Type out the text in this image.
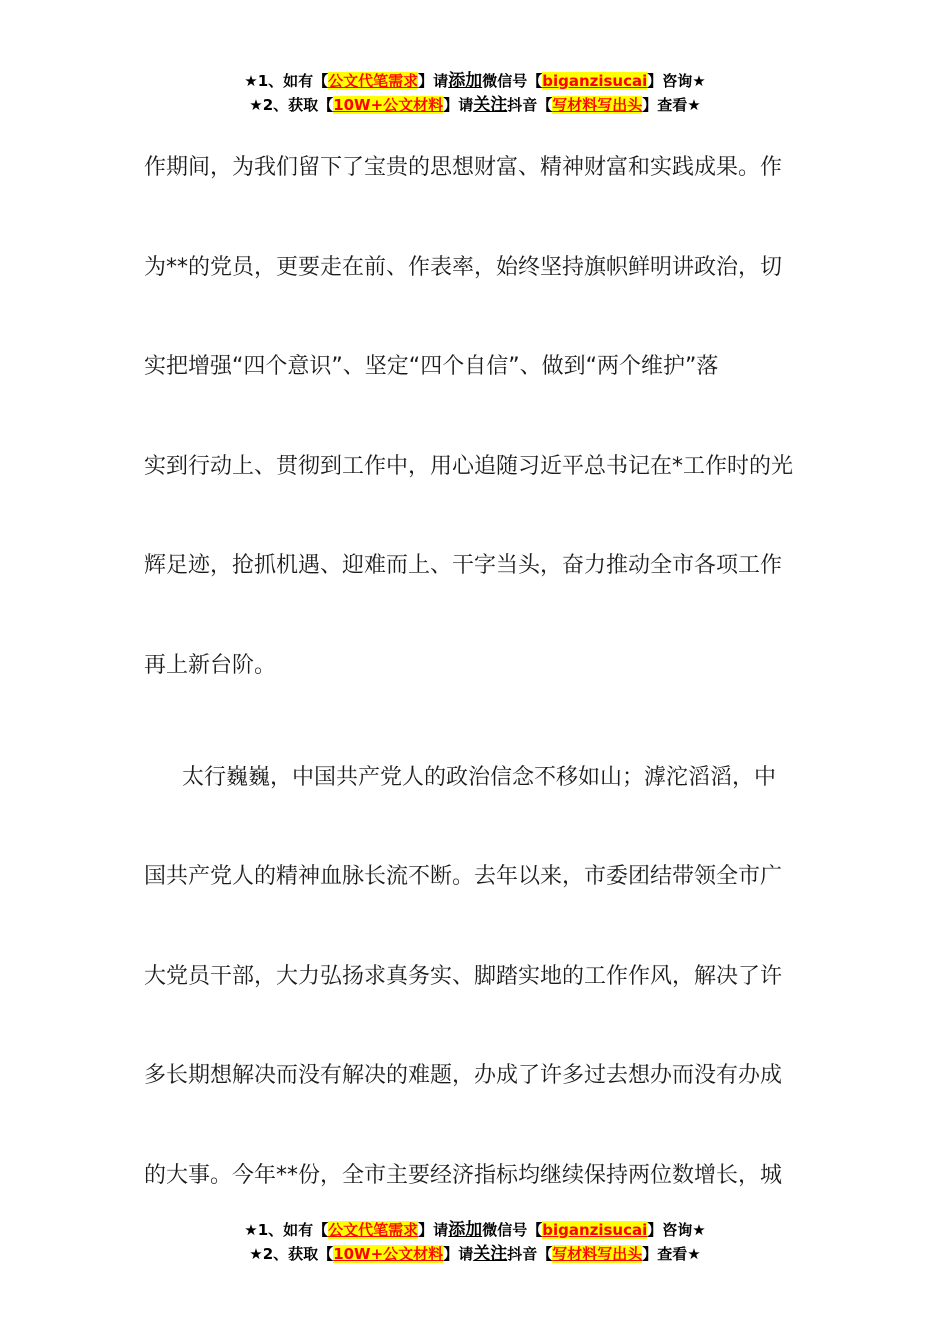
★1、如有【公文代笔需求】请添加微信号【biganzisucai】咨询★
★2、获取【10W+公文材料】请关注抖音【写材料写出头】查看★
作期间，为我们留下了宝贵的思想财富、精神财富和实践成果。作
为**的党员，更要走在前、作表率，始终坚持旗帜鲜明讲政治，切
实把增强“四个意识”、坚定“四个自信”、做到“两个维护”落
实到行动上、贯彻到工作中，用心追随习近平总书记在*工作时的光
辉足迹，抢抓机遇、迎难而上、干字当头，奋力推动全市各项工作
再上新台阶。
太行巍巍，中国共产党人的政治信念不移如山；滹沱滔滔，中
国共产党人的精神血脉长流不断。去年以来，市委团结带领全市广
大党员干部，大力弘扬求真务实、脚踏实地的工作作风，解决了许
多长期想解决而没有解决的难题，办成了许多过去想办而没有办成
的大事。今年**份，全市主要经济指标均继续保持两位数增长，城
★1、如有【公文代笔需求】请添加微信号【biganzisucai】咨询★
★2、获取【10W+公文材料】请关注抖音【写材料写出头】查看★
